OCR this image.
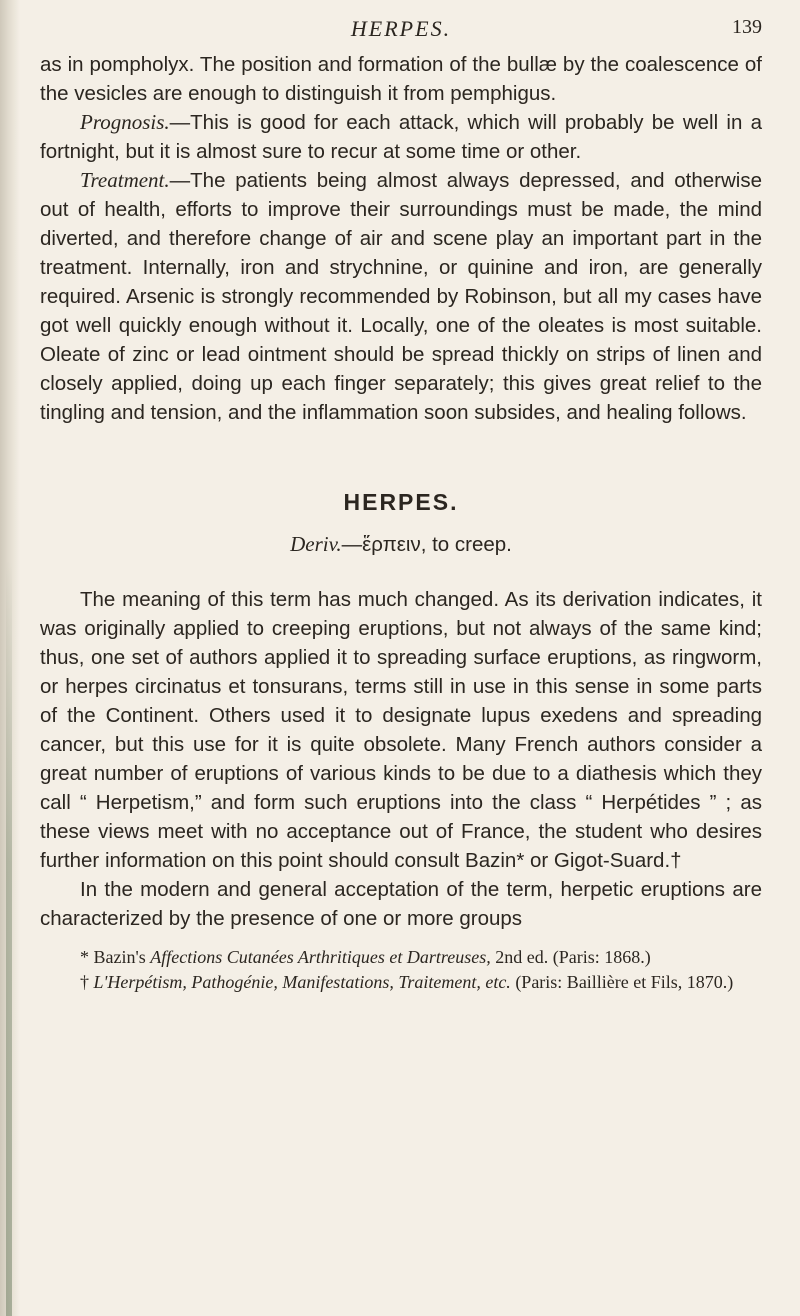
HERPES.	139

as in pompholyx. The position and formation of the bullæ by the coalescence of the vesicles are enough to distinguish it from pemphigus.

Prognosis.—This is good for each attack, which will probably be well in a fortnight, but it is almost sure to recur at some time or other.

Treatment.—The patients being almost always depressed, and otherwise out of health, efforts to improve their surroundings must be made, the mind diverted, and therefore change of air and scene play an important part in the treatment. Internally, iron and strychnine, or quinine and iron, are generally required. Arsenic is strongly recommended by Robinson, but all my cases have got well quickly enough without it. Locally, one of the oleates is most suitable. Oleate of zinc or lead ointment should be spread thickly on strips of linen and closely applied, doing up each finger separately; this gives great relief to the tingling and tension, and the inflammation soon subsides, and healing follows.

HERPES.
Deriv.—ἕρπειν, to creep.

The meaning of this term has much changed. As its derivation indicates, it was originally applied to creeping eruptions, but not always of the same kind; thus, one set of authors applied it to spreading surface eruptions, as ringworm, or herpes circinatus et tonsurans, terms still in use in this sense in some parts of the Continent. Others used it to designate lupus exedens and spreading cancer, but this use for it is quite obsolete. Many French authors consider a great number of eruptions of various kinds to be due to a diathesis which they call “ Herpetism,” and form such eruptions into the class “ Herpétides ” ; as these views meet with no acceptance out of France, the student who desires further information on this point should consult Bazin* or Gigot-Suard.†

In the modern and general acceptation of the term, herpetic eruptions are characterized by the presence of one or more groups

* Bazin's Affections Cutanées Arthritiques et Dartreuses, 2nd ed. (Paris: 1868.)

† L'Herpétism, Pathogénie, Manifestations, Traitement, etc. (Paris: Baillière et Fils, 1870.)
